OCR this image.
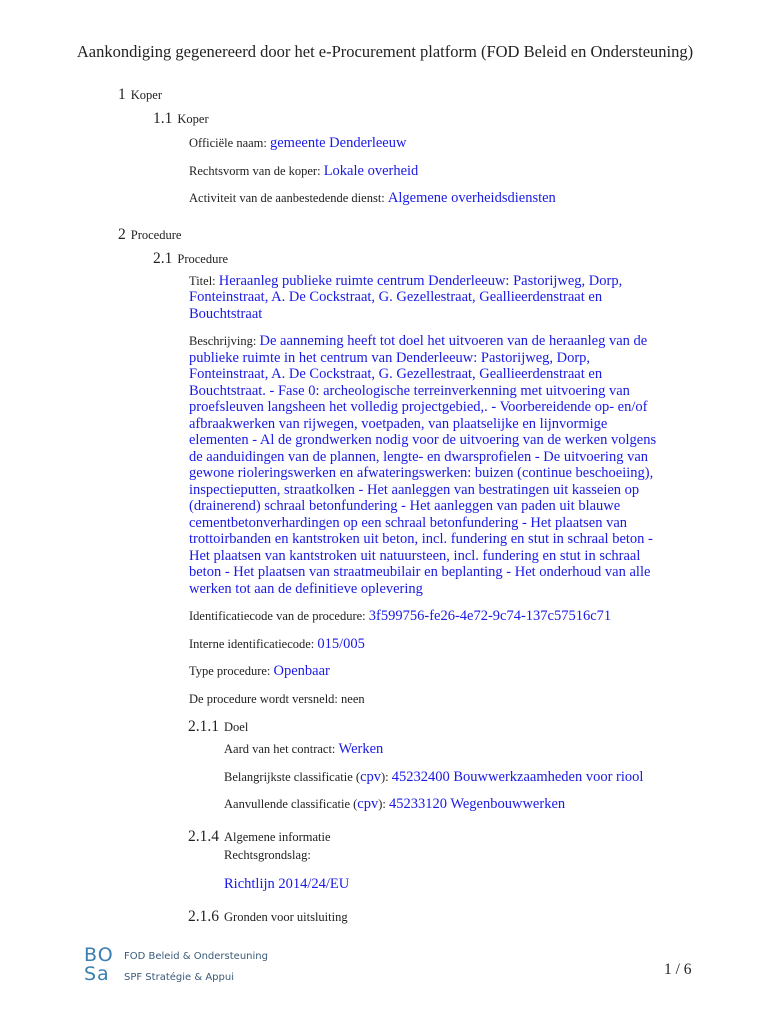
Aankondiging gegenereerd door het e-Procurement platform (FOD Beleid en Ondersteuning)
1 Koper
1.1 Koper
Officiële naam: gemeente Denderleeuw
Rechtsvorm van de koper: Lokale overheid
Activiteit van de aanbestedende dienst: Algemene overheidsdiensten
2 Procedure
2.1 Procedure
Titel: Heraanleg publieke ruimte centrum Denderleeuw: Pastorijweg, Dorp, Fonteinstraat, A. De Cockstraat, G. Gezellestraat, Geallieerdenstraat en Bouchtstraat
Beschrijving: De aanneming heeft tot doel het uitvoeren van de heraanleg van de publieke ruimte in het centrum van Denderleeuw: Pastorijweg, Dorp, Fonteinstraat, A. De Cockstraat, G. Gezellestraat, Geallieerdenstraat en Bouchtstraat. - Fase 0: archeologische terreinverkenning met uitvoering van proefsleuven langsheen het volledig projectgebied,. - Voorbereidende op- en/of afbraakwerken van rijwegen, voetpaden, van plaatselijke en lijnvormige elementen - Al de grondwerken nodig voor de uitvoering van de werken volgens de aanduidingen van de plannen, lengte- en dwarsprofielen - De uitvoering van gewone rioleringswerken en afwateringswerken: buizen (continue beschoeiing), inspectieputten, straatkolken - Het aanleggen van bestratingen uit kasseien op (drainerend) schraal betonfundering - Het aanleggen van paden uit blauwe cementbetonverhardingen op een schraal betonfundering - Het plaatsen van trottoirbanden en kantstroken uit beton, incl. fundering en stut in schraal beton - Het plaatsen van kantstroken uit natuursteen, incl. fundering en stut in schraal beton - Het plaatsen van straatmeubilair en beplanting - Het onderhoud van alle werken tot aan de definitieve oplevering
Identificatiecode van de procedure: 3f599756-fe26-4e72-9c74-137c57516c71
Interne identificatiecode: 015/005
Type procedure: Openbaar
De procedure wordt versneld: neen
2.1.1 Doel
Aard van het contract: Werken
Belangrijkste classificatie (cpv): 45232400 Bouwwerkzaamheden voor riool
Aanvullende classificatie (cpv): 45233120 Wegenbouwwerken
2.1.4 Algemene informatie
Rechtsgrondslag:
Richtlijn 2014/24/EU
2.1.6 Gronden voor uitsluiting
BO
Sa
FOD Beleid & Ondersteuning
SPF Stratégie & Appui	1 / 6
